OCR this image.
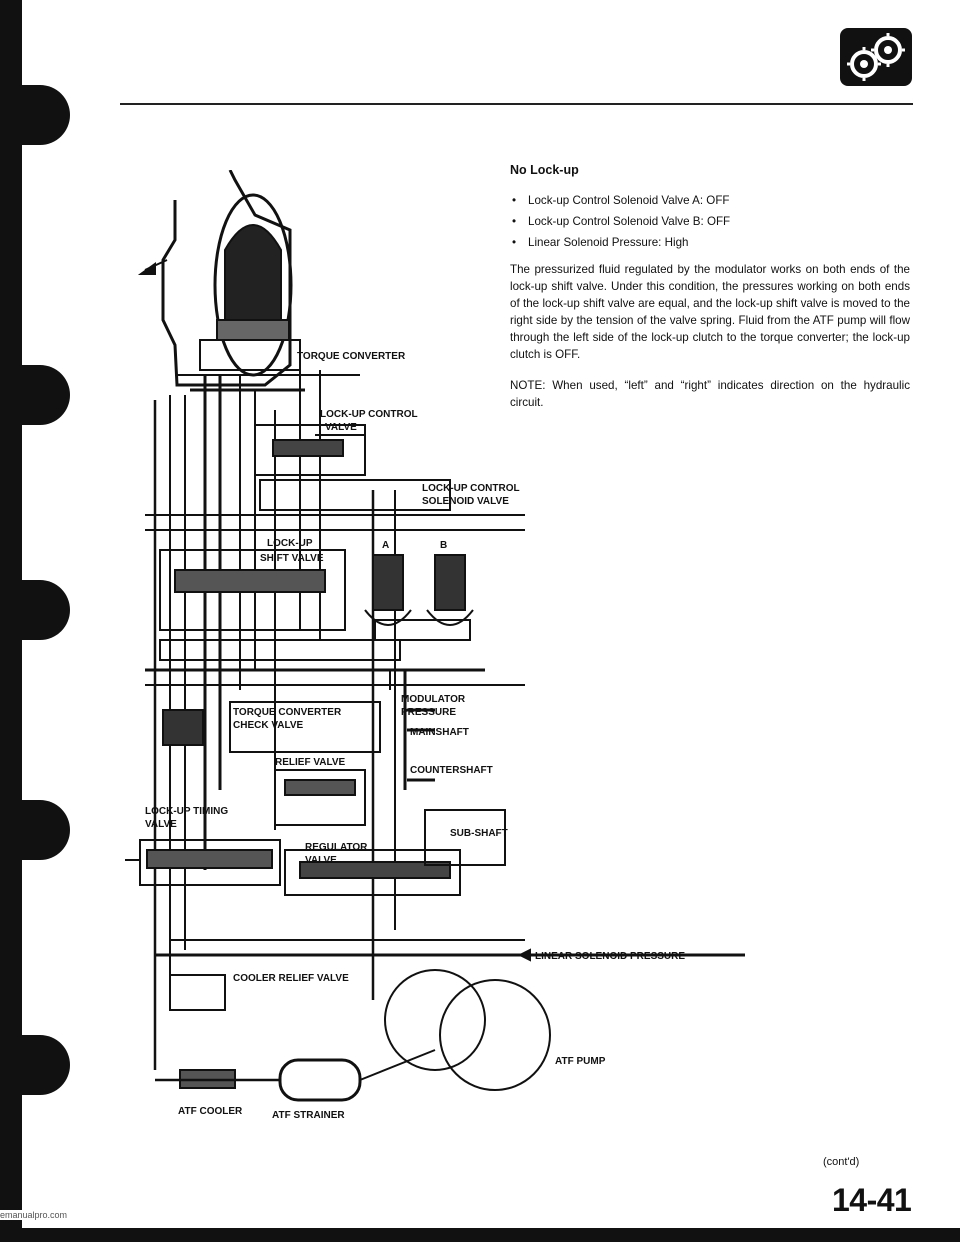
No Lock-up
• Lock-up Control Solenoid Valve A: OFF
• Lock-up Control Solenoid Valve B: OFF
• Linear Solenoid Pressure: High

The pressurized fluid regulated by the modulator works on both ends of the lock-up shift valve. Under this condition, the pressures working on both ends of the lock-up shift valve are equal, and the lock-up shift valve is moved to the right side by the tension of the valve spring. Fluid from the ATF pump will flow through the left side of the lock-up clutch to the torque converter; the lock-up clutch is OFF.

NOTE: When used, “left” and “right” indicates direction on the hydraulic circuit.

TORQUE CONVERTER
LOCK-UP CONTROL
VALVE
LOCK-UP CONTROL
SOLENOID VALVE
A	B
LOCK-UP
SHIFT VALVE
TORQUE CONVERTER
CHECK VALVE
MODULATOR
PRESSURE
MAINSHAFT
RELIEF VALVE
COUNTERSHAFT
LOCK-UP TIMING
VALVE
SUB-SHAFT
REGULATOR
VALVE
LINEAR SOLENOID PRESSURE
COOLER RELIEF VALVE
ATF PUMP
ATF COOLER	ATF STRAINER
(cont'd)
14-41
emanualpro.com
